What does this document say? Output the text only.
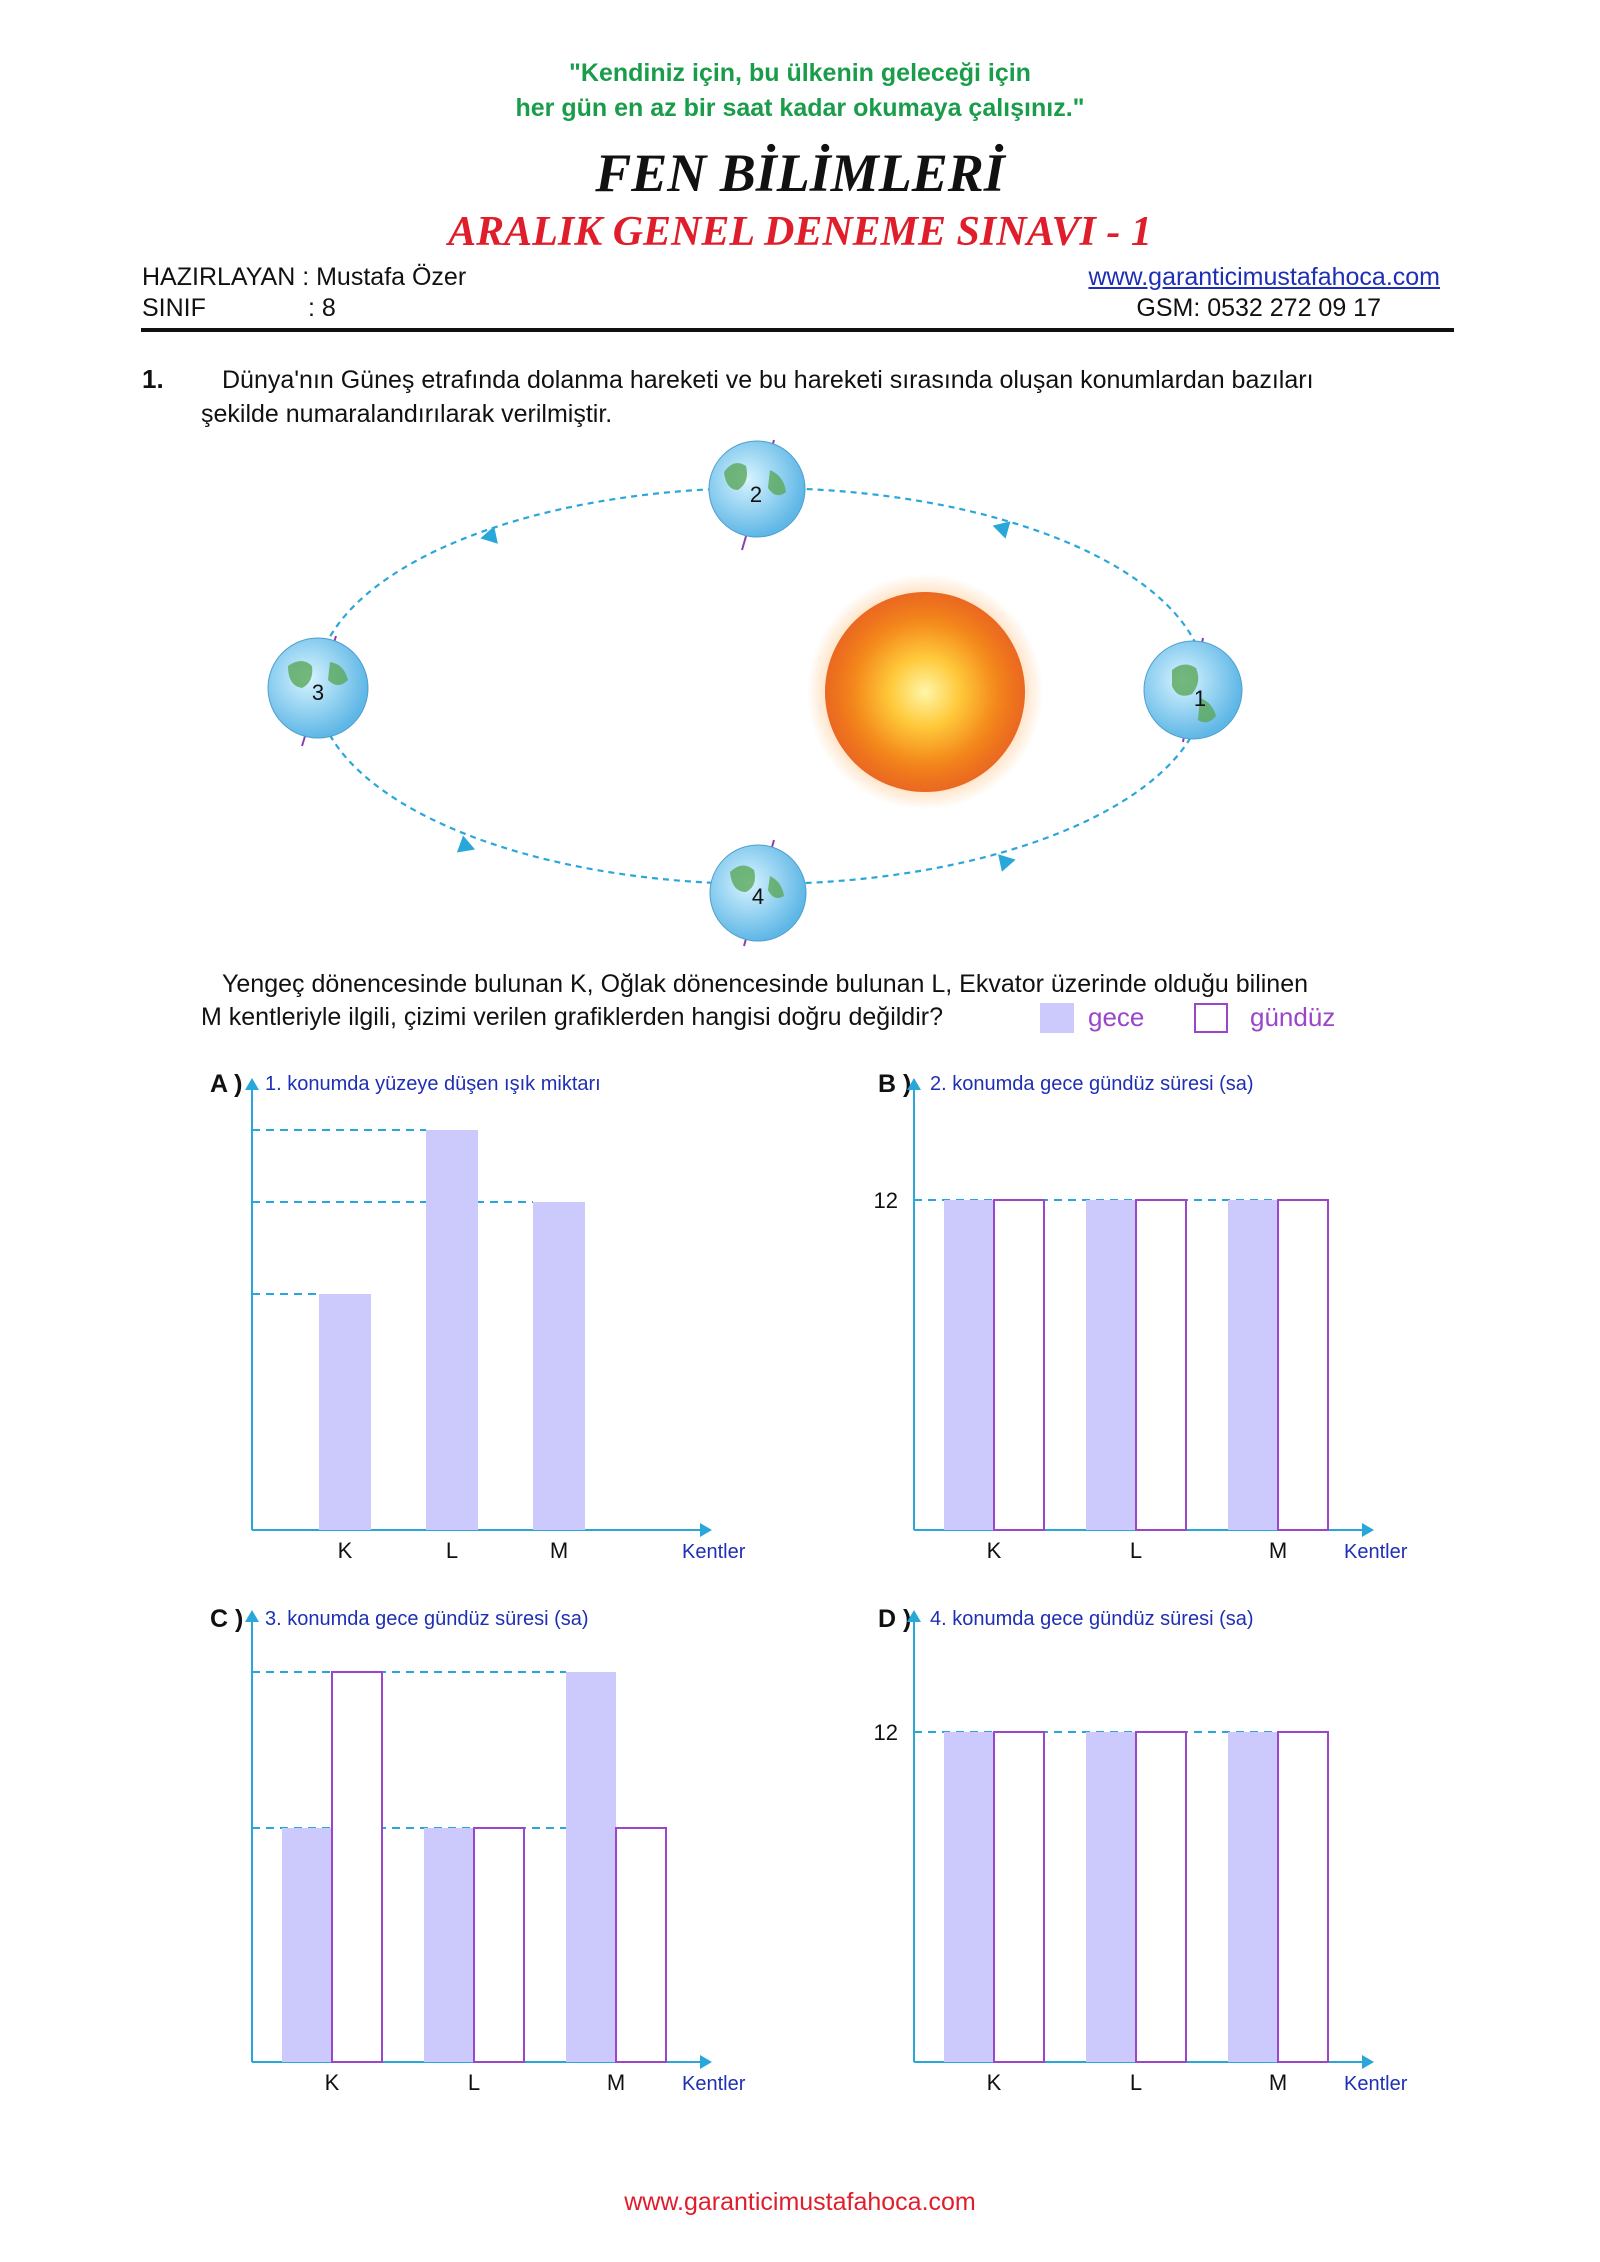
"Kendiniz için, bu ülkenin geleceği için
her gün en az bir saat kadar okumaya çalışınız."
FEN BİLİMLERİ
ARALIK GENEL DENEME SINAVI - 1
HAZIRLAYAN : Mustafa Özer
SINIF	: 8
www.garanticimustafahoca.com
GSM: 0532 272 09 17
1. Dünya'nın Güneş etrafında dolanma hareketi ve bu hareketi sırasında oluşan konumlardan bazıları
şekilde numaralandırılarak verilmiştir.
1
2
3
4
Yengeç dönencesinde bulunan K, Oğlak dönencesinde bulunan L, Ekvator üzerinde olduğu bilinen
M kentleriyle ilgili, çizimi verilen grafiklerden hangisi doğru değildir?	gece	gündüz
A ) 1. konumda yüzeye düşen ışık miktarı	B ) 2. konumda gece gündüz süresi (sa)
C ) 3. konumda gece gündüz süresi (sa)	D ) 4. konumda gece gündüz süresi (sa)
Kentler
K	L	M	Kentler
K	L	M
12
Kentler
K	L	M	Kentler
K	L	M
12
www.garanticimustafahoca.com
